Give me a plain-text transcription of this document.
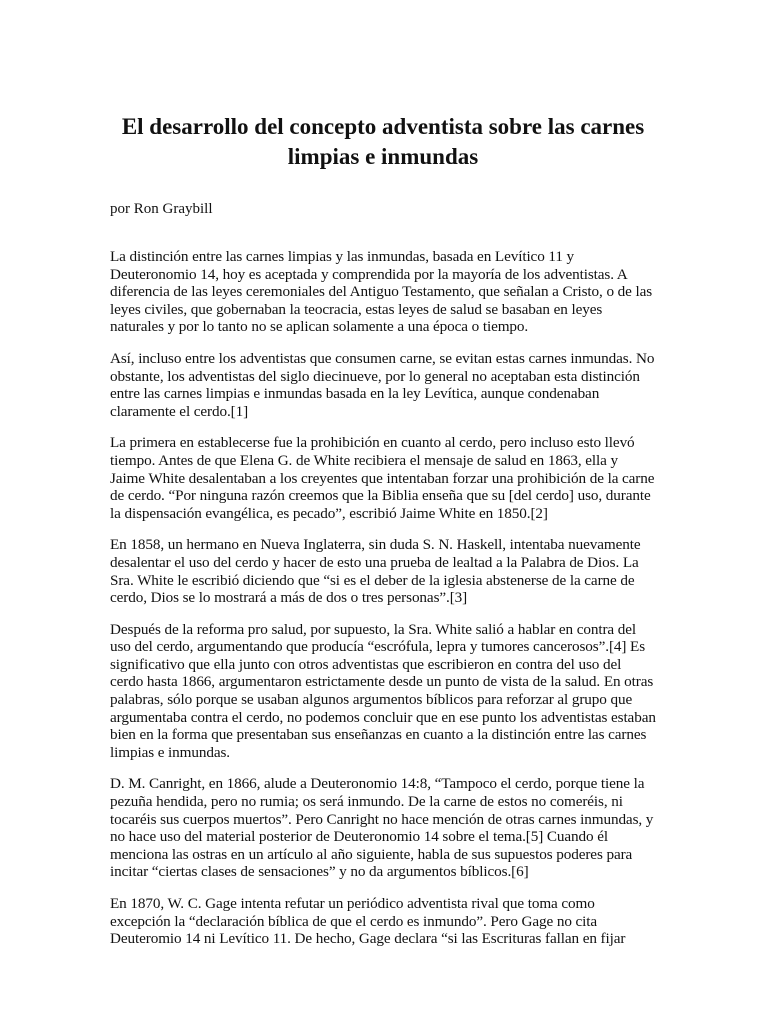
El desarrollo del concepto adventista sobre las carnes limpias e inmundas

por Ron Graybill

La distinción entre las carnes limpias y las inmundas, basada en Levítico 11 y Deuteronomio 14, hoy es aceptada y comprendida por la mayoría de los adventistas. A diferencia de las leyes ceremoniales del Antiguo Testamento, que señalan a Cristo, o de las leyes civiles, que gobernaban la teocracia, estas leyes de salud se basaban en leyes naturales y por lo tanto no se aplican solamente a una época o tiempo.

Así, incluso entre los adventistas que consumen carne, se evitan estas carnes inmundas. No obstante, los adventistas del siglo diecinueve, por lo general no aceptaban esta distinción entre las carnes limpias e inmundas basada en la ley Levítica, aunque condenaban claramente el cerdo.[1]

La primera en establecerse fue la prohibición en cuanto al cerdo, pero incluso esto llevó tiempo. Antes de que Elena G. de White recibiera el mensaje de salud en 1863, ella y Jaime White desalentaban a los creyentes que intentaban forzar una prohibición de la carne de cerdo. “Por ninguna razón creemos que la Biblia enseña que su [del cerdo] uso, durante la dispensación evangélica, es pecado”, escribió Jaime White en 1850.[2]

En 1858, un hermano en Nueva Inglaterra, sin duda S. N. Haskell, intentaba nuevamente desalentar el uso del cerdo y hacer de esto una prueba de lealtad a la Palabra de Dios. La Sra. White le escribió diciendo que “si es el deber de la iglesia abstenerse de la carne de cerdo, Dios se lo mostrará a más de dos o tres personas”.[3]

Después de la reforma pro salud, por supuesto, la Sra. White salió a hablar en contra del uso del cerdo, argumentando que producía “escrófula, lepra y tumores cancerosos”.[4] Es significativo que ella junto con otros adventistas que escribieron en contra del uso del cerdo hasta 1866, argumentaron estrictamente desde un punto de vista de la salud. En otras palabras, sólo porque se usaban algunos argumentos bíblicos para reforzar al grupo que argumentaba contra el cerdo, no podemos concluir que en ese punto los adventistas estaban bien en la forma que presentaban sus enseñanzas en cuanto a la distinción entre las carnes limpias e inmundas.

D. M. Canright, en 1866, alude a Deuteronomio 14:8, “Tampoco el cerdo, porque tiene la pezuña hendida, pero no rumia; os será inmundo. De la carne de estos no comeréis, ni tocaréis sus cuerpos muertos”. Pero Canright no hace mención de otras carnes inmundas, y no hace uso del material posterior de Deuteronomio 14 sobre el tema.[5] Cuando él menciona las ostras en un artículo al año siguiente, habla de sus supuestos poderes para incitar “ciertas clases de sensaciones” y no da argumentos bíblicos.[6]

En 1870, W. C. Gage intenta refutar un periódico adventista rival que toma como excepción la “declaración bíblica de que el cerdo es inmundo”. Pero Gage no cita Deuteromio 14 ni Levítico 11. De hecho, Gage declara “si las Escrituras fallan en fijar
